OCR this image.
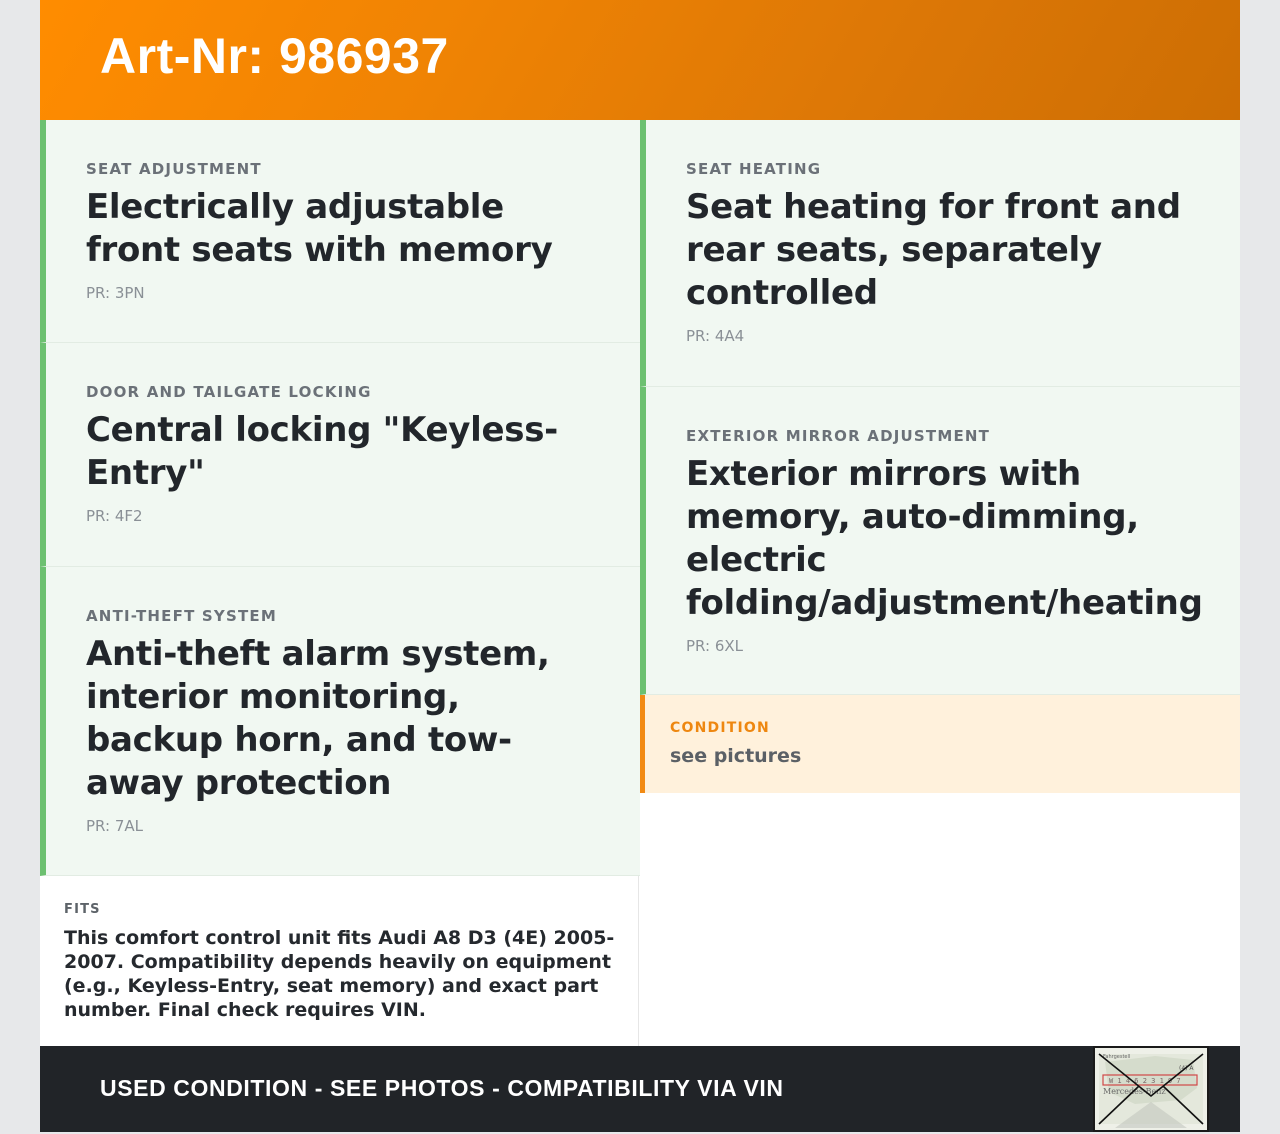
Art-Nr: 986937
SEAT ADJUSTMENT
Electrically adjustable front seats with memory
PR: 3PN
DOOR AND TAILGATE LOCKING
Central locking "Keyless-Entry"
PR: 4F2
ANTI-THEFT SYSTEM
Anti-theft alarm system, interior monitoring, backup horn, and tow-away protection
PR: 7AL
SEAT HEATING
Seat heating for front and rear seats, separately controlled
PR: 4A4
EXTERIOR MIRROR ADJUSTMENT
Exterior mirrors with memory, auto-dimming, electric folding/adjustment/heating
PR: 6XL
CONDITION
see pictures
FITS
This comfort control unit fits Audi A8 D3 (4E) 2005-2007. Compatibility depends heavily on equipment (e.g., Keyless-Entry, seat memory) and exact part number. Final check requires VIN.
USED CONDITION - SEE PHOTOS - COMPATIBILITY VIA VIN
Fahrgestell
(4) A
W 1 4 6 2 3 1 9 7
Mercedes-Benz
